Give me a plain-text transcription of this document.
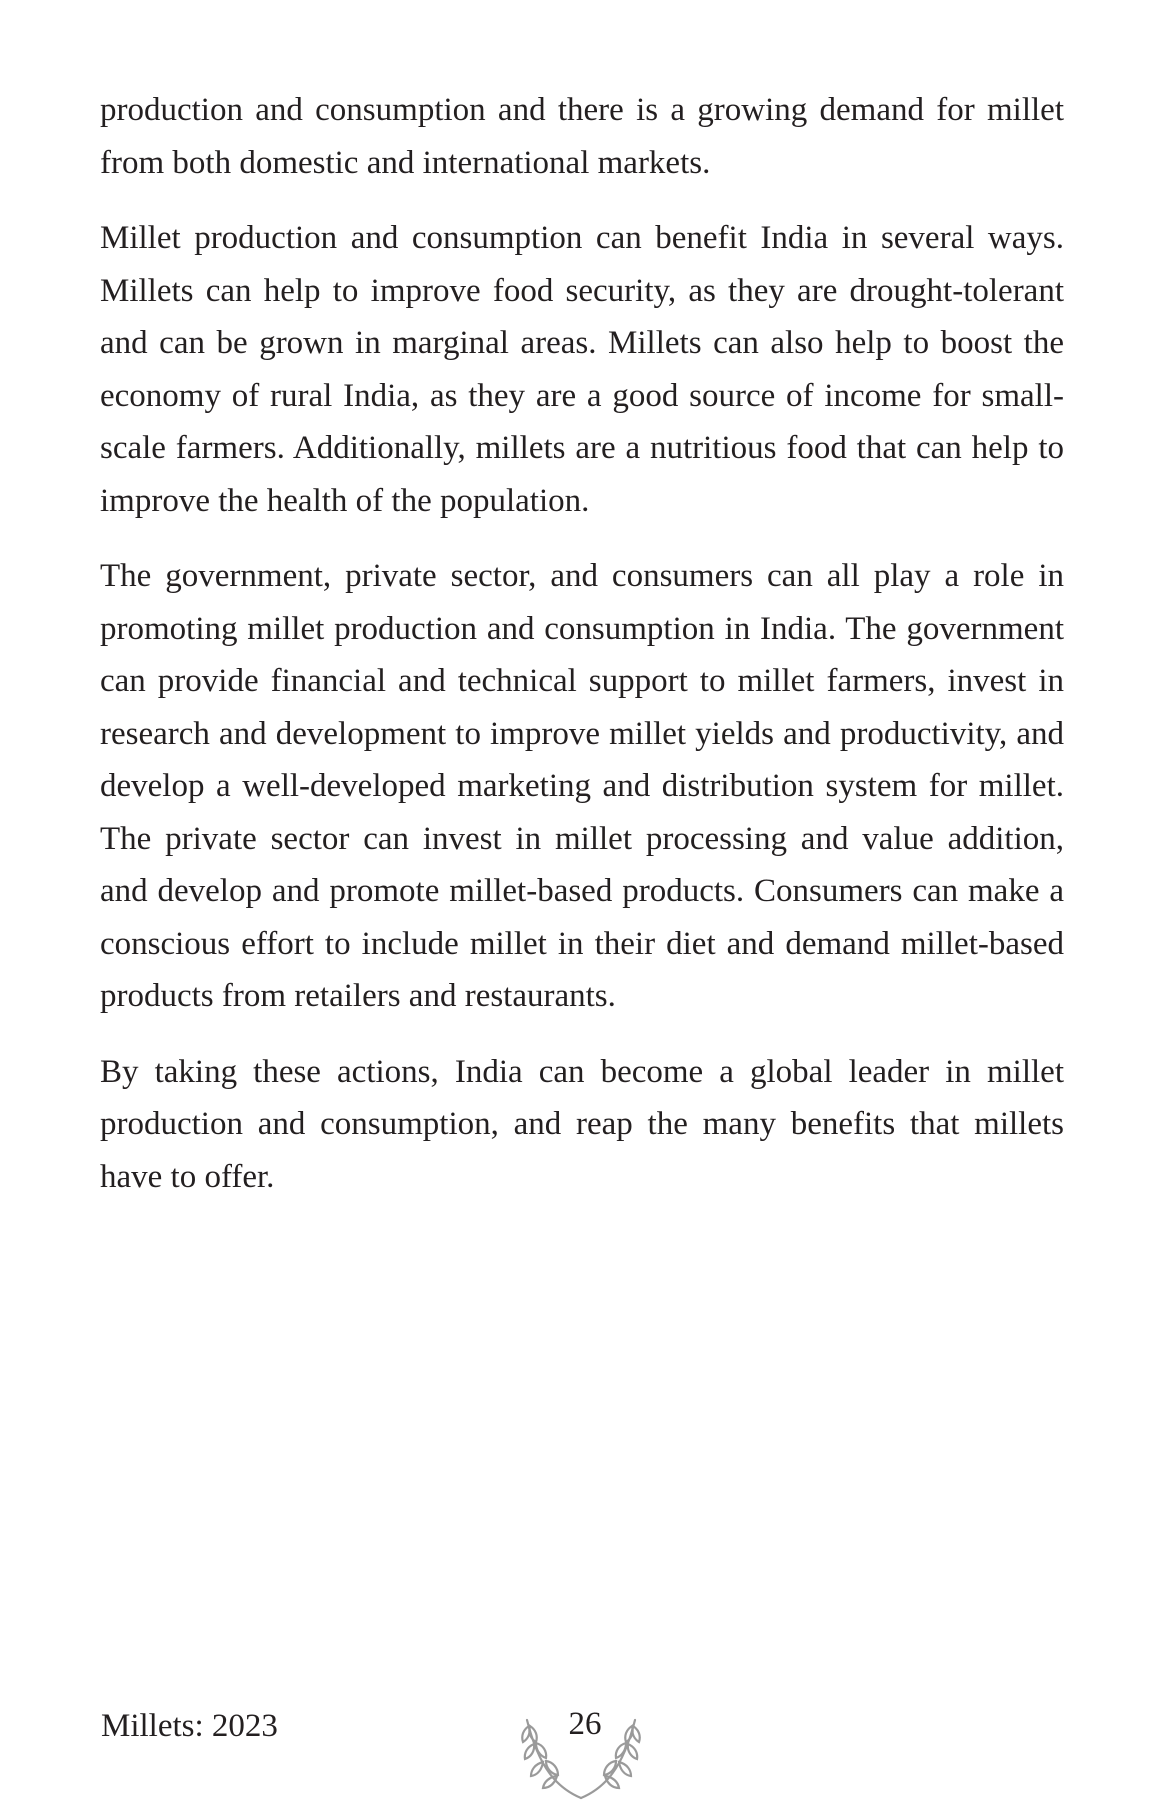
production and consumption and there is a growing demand for millet from both domestic and international markets.

Millet production and consumption can benefit India in several ways. Millets can help to improve food security, as they are drought-tolerant and can be grown in marginal areas. Millets can also help to boost the economy of rural India, as they are a good source of income for small-scale farmers. Additionally, millets are a nutritious food that can help to improve the health of the population.

The government, private sector, and consumers can all play a role in promoting millet production and consumption in India. The government can provide financial and technical support to millet farmers, invest in research and development to improve millet yields and productivity, and develop a well-developed marketing and distribution system for millet. The private sector can invest in millet processing and value addition, and develop and promote millet-based products. Consumers can make a conscious effort to include millet in their diet and demand millet-based products from retailers and restaurants.

By taking these actions, India can become a global leader in millet production and consumption, and reap the many benefits that millets have to offer.

Millets: 2023	26
